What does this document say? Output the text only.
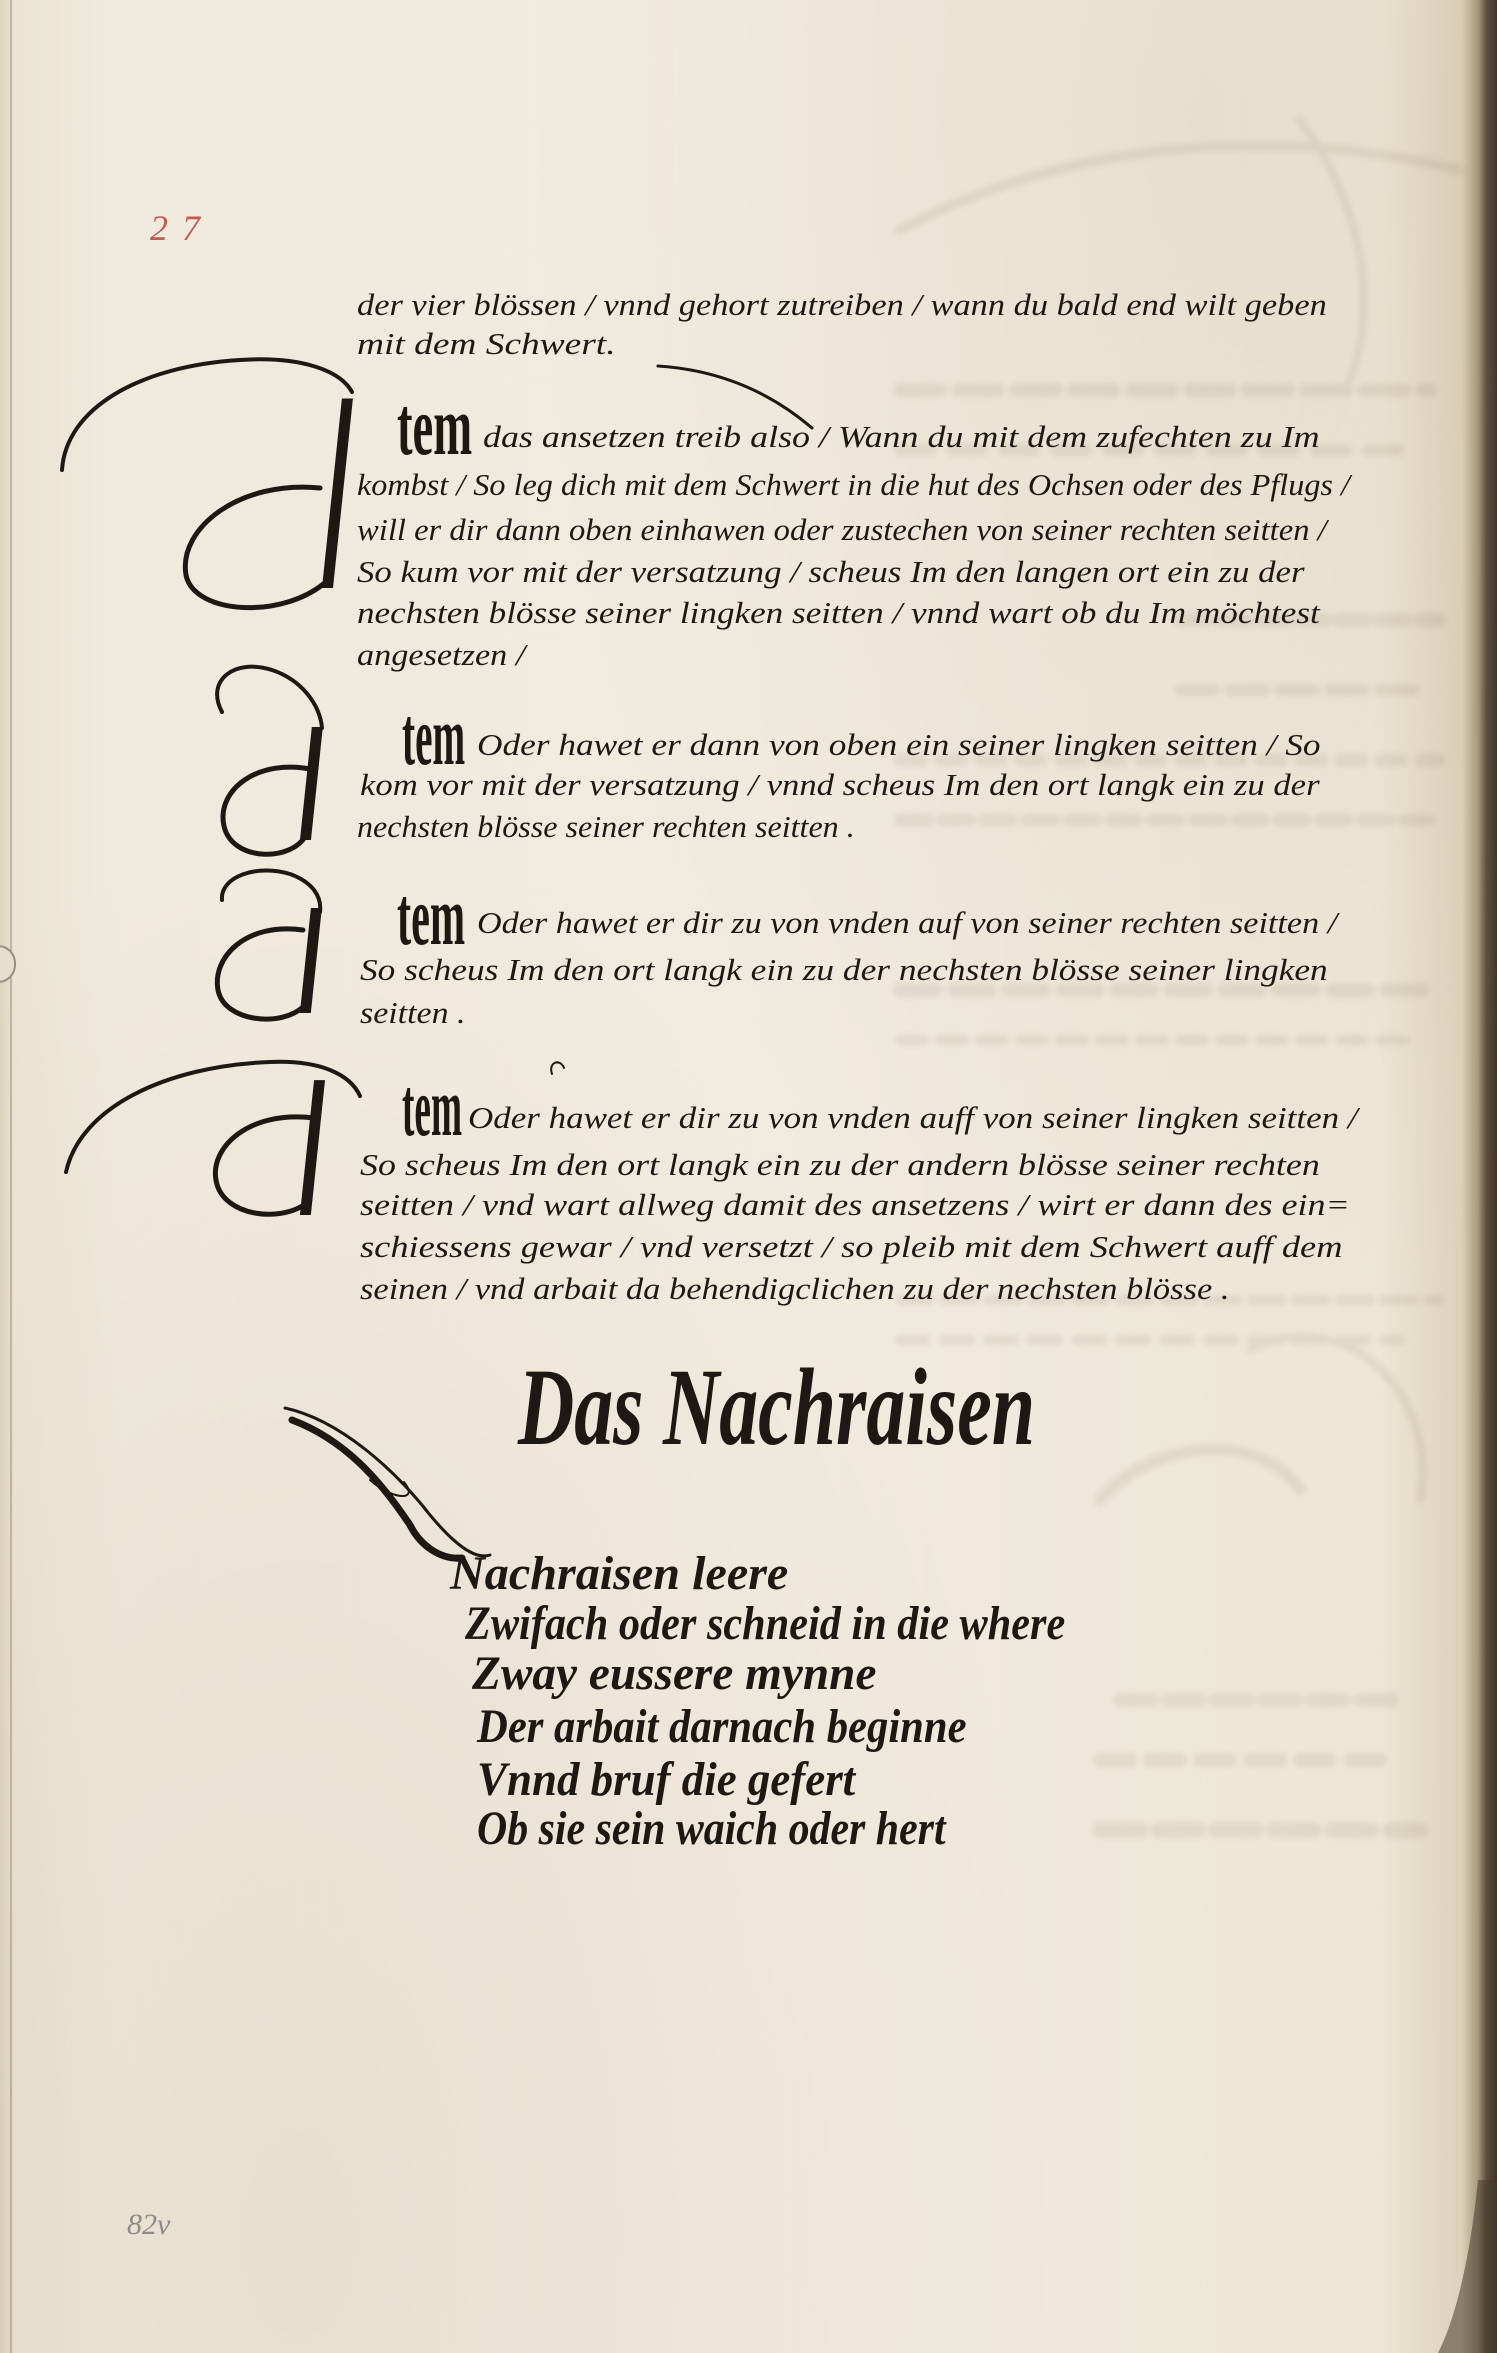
I
I
I
I
27
82v
der vier blössen / vnnd gehort zutreiben / wann du bald end wilt geben
mit dem Schwert.
tem das ansetzen treib also / Wann du mit dem zufechten zu Im
kombst / So leg dich mit dem Schwert in die hut des Ochsen oder des Pflugs /
will er dir dann oben einhawen oder zustechen von seiner rechten seitten /
So kum vor mit der versatzung / scheus Im den langen ort ein zu der
nechsten blösse seiner lingken seitten / vnnd wart ob du Im möchtest
angesetzen /
tem Oder hawet er dann von oben ein seiner lingken seitten / So
kom vor mit der versatzung / vnnd scheus Im den ort langk ein zu der
nechsten blösse seiner rechten seitten .
tem Oder hawet er dir zu von vnden auf von seiner rechten seitten /
So scheus Im den ort langk ein zu der nechsten blösse seiner lingken
seitten .
tem Oder hawet er dir zu von vnden auff von seiner lingken seitten /
So scheus Im den ort langk ein zu der andern blösse seiner rechten
seitten / vnd wart allweg damit des ansetzens / wirt er dann des ein=
schiessens gewar / vnd versetzt / so pleib mit dem Schwert auff dem
seinen / vnd arbait da behendigclichen zu der nechsten blösse .
Das Nachraisen
Nachraisen leere
Zwifach oder schneid in die where
Zway eussere mynne
Der arbait darnach beginne
Vnnd bruf die gefert
Ob sie sein waich oder hert
